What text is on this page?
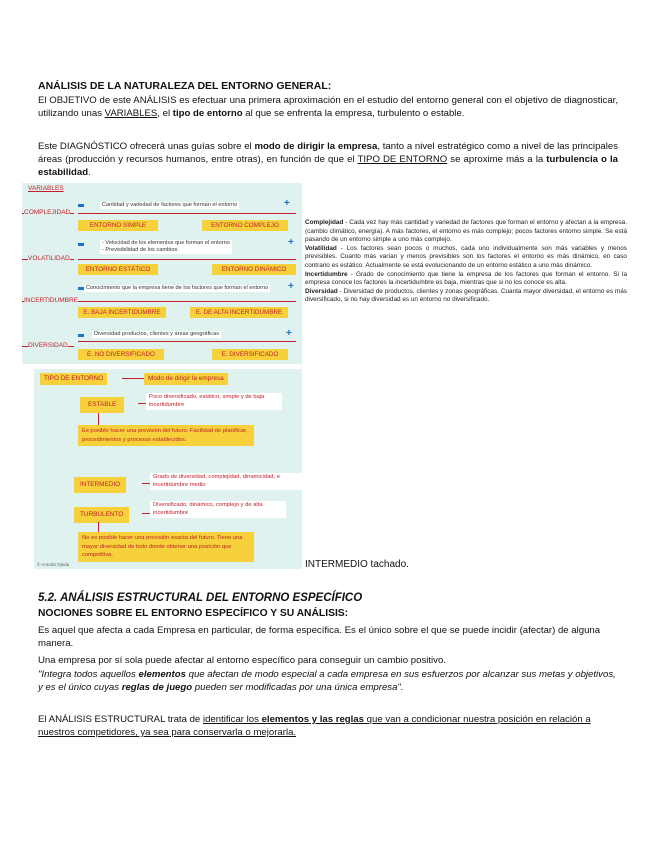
ANÁLISIS DE LA NATURALEZA DEL ENTORNO GENERAL:
El OBJETIVO de este ANÁLISIS es efectuar una primera aproximación en el estudio del entorno general con el objetivo de diagnosticar, utilizando unas VARIABLES, el tipo de entorno al que se enfrenta la empresa, turbulento o estable.
Este DIAGNÓSTICO ofrecerá unas guías sobre el modo de dirigir la empresa, tanto a nivel estratégico como a nivel de las principales áreas (producción y recursos humanos, entre otras), en función de que el TIPO DE ENTORNO se aproxime más a la turbulencia o la estabilidad.
VARIABLES
COMPLEJIDAD
Cantidad y variedad de factores que forman el entorno	+
ENTORNO SIMPLE	ENTORNO COMPLEJO
VOLATILIDAD
- Velocidad de los elementos que forman el entorno
- Previsibilidad de los cambios
+
ENTORNO ESTÁTICO	ENTORNO DINÁMICO
INCERTIDUMBRE
Conocimiento que la empresa tiene de los factores que forman el entorno +
E. BAJA INCERTIDUMBRE	E. DE ALTA INCERTIDUMBRE
DIVERSIDAD
Diversidad productos, clientes y áreas geográficas	+
E. NO DIVERSIFICADO	E. DIVERSIFICADO
Complejidad - Cada vez hay más cantidad y variedad de factores que forman el entorno y afectan a la empresa. (cambio climático, energía). A más factores, el entorno es más complejo; pocos factores entorno simple. Se está pasando de un entorno simple a uno más complejo.
Volatilidad - Los factores sean pocos o muchos, cada uno individualmente son más variables y menos previsibles. Cuanto más varían y menos previsibles son los factores el entorno es más dinámico, en caso contrario es estático. Actualmente se está evolucionando de un entorno estático a uno más dinámico.
Incertidumbre - Grado de conocimiento que tiene la empresa de los factores que forman el entorno. Si la empresa conoce los factores la incertidumbre es baja, mientras que si no los conoce es alta.
Diversidad - Diversidad de productos, clientes y zonas geográficas. Cuanta mayor diversidad, el entorno es más diversificado, si no hay diversidad es un entorno no diversificado.
TIPO DE ENTORNO	Modo de dirigir la empresa
ESTABLE
Poco diversificado, estático, simple y de baja incertidumbre
Es posible hacer una previsión del futuro. Facilidad de planificar, procedimientos y procesos establecidos.
INTERMEDIO
Grado de diversidad, complejidad, dinamicidad, e incertidumbre medio
TURBULENTO
Diversificado, dinámico, complejo y de alta incertidumbre
No es posible hacer una previsión exacta del futuro. Tiene una mayor diversidad de todo donde obtener una posición que competitiva.
© Aranda Ojeda	INTERMEDIO tachado.
5.2. ANÁLISIS ESTRUCTURAL DEL ENTORNO ESPECÍFICO
NOCIONES SOBRE EL ENTORNO ESPECÍFICO Y SU ANÁLISIS:
Es aquel que afecta a cada Empresa en particular, de forma específica. Es el único sobre el que se puede incidir (afectar) de alguna manera.
Una empresa por sí sola puede afectar al entorno específico para conseguir un cambio positivo.
"Integra todos aquellos elementos que afectan de modo especial a cada empresa en sus esfuerzos por alcanzar sus metas y objetivos, y es el único cuyas reglas de juego pueden ser modificadas por una única empresa".
El ANÁLISIS ESTRUCTURAL trata de identificar los elementos y las reglas que van a condicionar nuestra posición en relación a nuestros competidores, ya sea para conservarla o mejorarla.
